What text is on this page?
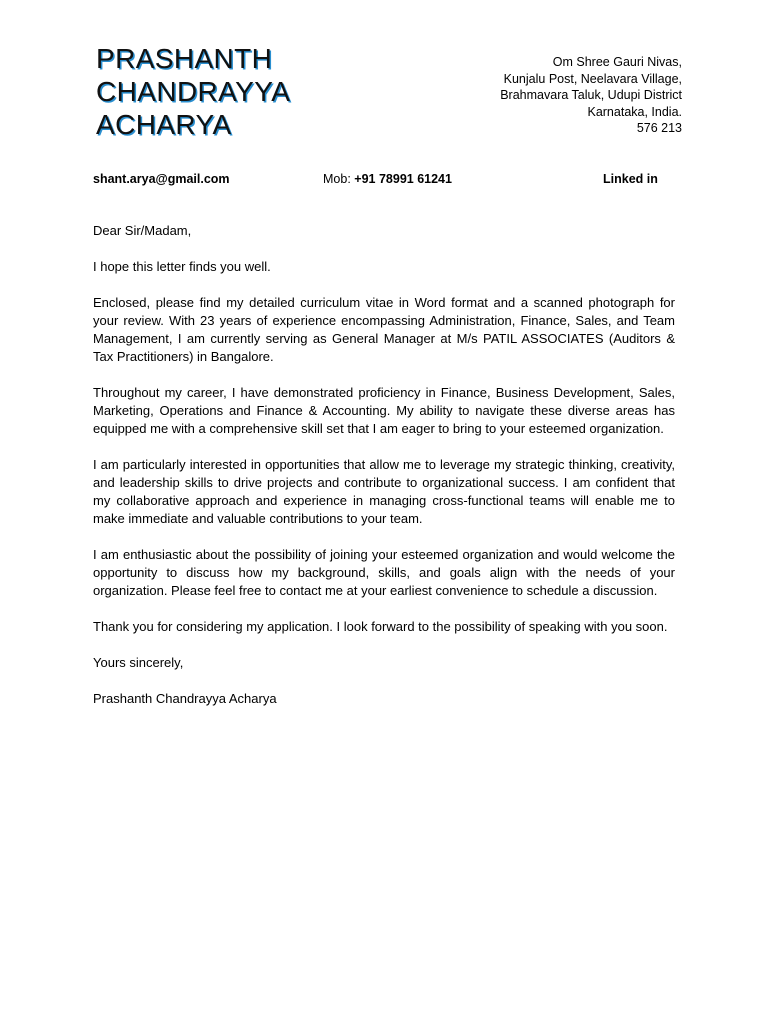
PRASHANTH
CHANDRAYYA
ACHARYA
Om Shree Gauri Nivas,
Kunjalu Post, Neelavara Village,
Brahmavara Taluk, Udupi District
Karnataka, India.
576 213
shant.arya@gmail.com	Mob: +91 78991 61241	Linked in

Dear Sir/Madam,

I hope this letter finds you well.

Enclosed, please find my detailed curriculum vitae in Word format and a scanned photograph for your review. With 23 years of experience encompassing Administration, Finance, Sales, and Team Management, I am currently serving as General Manager at M/s PATIL ASSOCIATES (Auditors & Tax Practitioners) in Bangalore.

Throughout my career, I have demonstrated proficiency in Finance, Business Development, Sales, Marketing, Operations and Finance & Accounting. My ability to navigate these diverse areas has equipped me with a comprehensive skill set that I am eager to bring to your esteemed organization.

I am particularly interested in opportunities that allow me to leverage my strategic thinking, creativity, and leadership skills to drive projects and contribute to organizational success. I am confident that my collaborative approach and experience in managing cross-functional teams will enable me to make immediate and valuable contributions to your team.

I am enthusiastic about the possibility of joining your esteemed organization and would welcome the opportunity to discuss how my background, skills, and goals align with the needs of your organization. Please feel free to contact me at your earliest convenience to schedule a discussion.

Thank you for considering my application. I look forward to the possibility of speaking with you soon.

Yours sincerely,

Prashanth Chandrayya Acharya
